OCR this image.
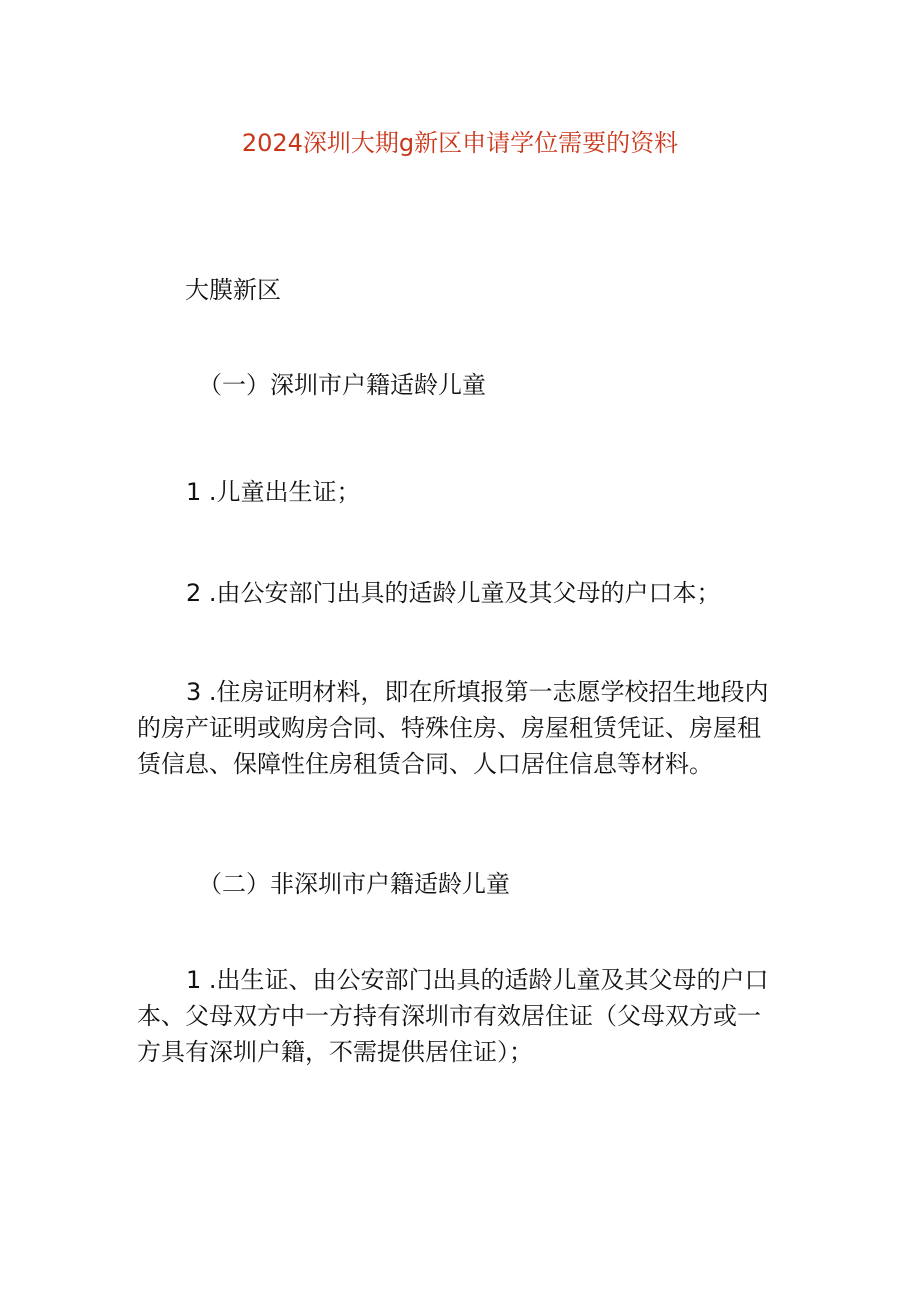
2024深圳大期g新区申请学位需要的资料

大膜新区

（一）深圳市户籍适龄儿童

1 .儿童出生证；

2 .由公安部门出具的适龄儿童及其父母的户口本；

3 .住房证明材料，即在所填报第一志愿学校招生地段内
的房产证明或购房合同、特殊住房、房屋租赁凭证、房屋租
赁信息、保障性住房租赁合同、人口居住信息等材料。

（二）非深圳市户籍适龄儿童

1 .出生证、由公安部门出具的适龄儿童及其父母的户口
本、父母双方中一方持有深圳市有效居住证（父母双方或一
方具有深圳户籍，不需提供居住证）；
